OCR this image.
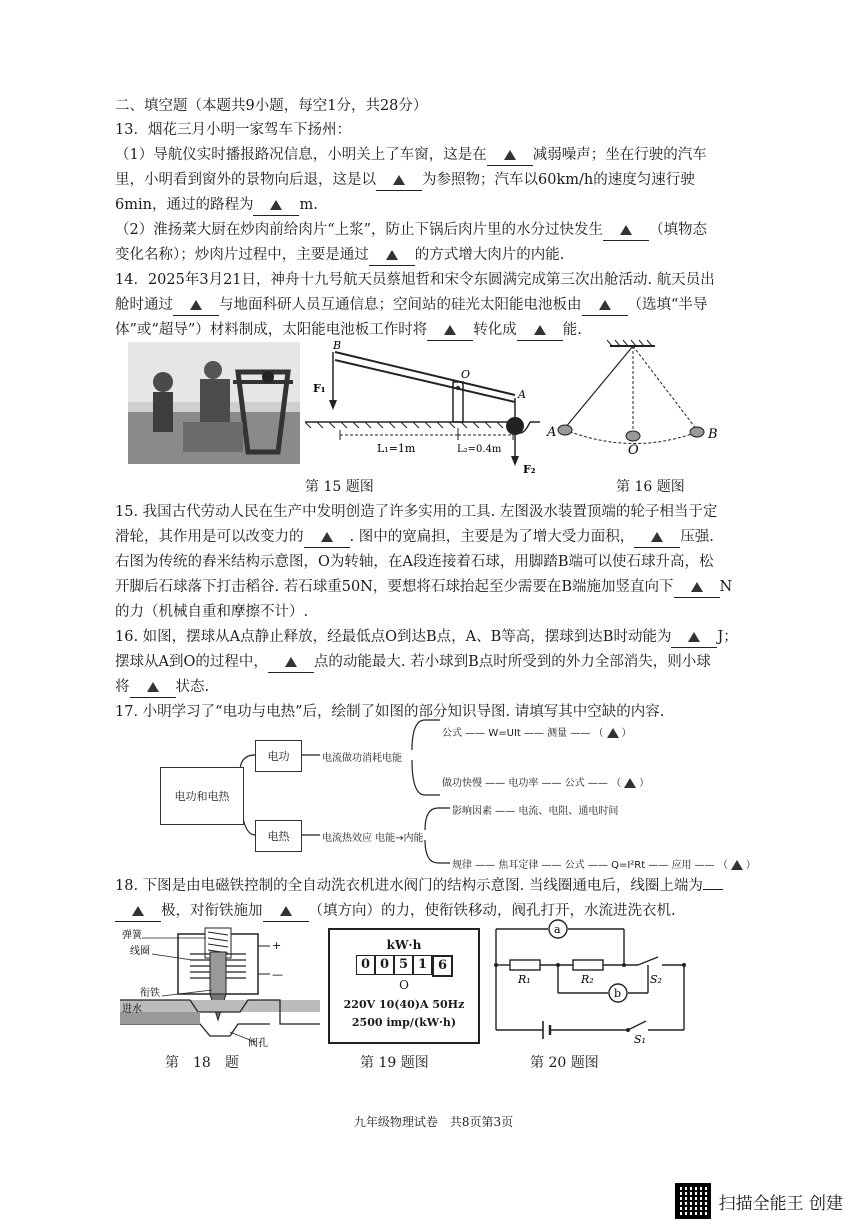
二、填空题（本题共9小题，每空1分，共28分）
13．烟花三月小明一家驾车下扬州：
（1）导航仪实时播报路况信息，小明关上了车窗，这是在	减弱噪声；坐在行驶的汽车
里，小明看到窗外的景物向后退，这是以	为参照物；汽车以60km/h的速度匀速行驶
6min，通过的路程为	m.
（2）淮扬菜大厨在炒肉前给肉片“上浆”，防止下锅后肉片里的水分过快发生	（填物态
变化名称）；炒肉片过程中，主要是通过	的方式增大肉片的内能.
14．2025年3月21日，神舟十九号航天员蔡旭哲和宋令东圆满完成第三次出舱活动. 航天员出
舱时通过	与地面科研人员互通信息；空间站的硅光太阳能电池板由	（选填“半导
体”或“超导”）材料制成，太阳能电池板工作时将	转化成	能.
B
O
A
F₁
F₂
L₁=1m	L₂=0.4m
A
O
B
第 15 题图	第 16 题图
15. 我国古代劳动人民在生产中发明创造了许多实用的工具. 左图汲水装置顶端的轮子相当于定
滑轮，其作用是可以改变力的	. 图中的宽扁担，主要是为了增大受力面积，	压强.
右图为传统的舂米结构示意图，O为转轴，在A段连接着石球，用脚踏B端可以使石球升高，松
开脚后石球落下打击稻谷. 若石球重50N，要想将石球抬起至少需要在B端施加竖直向下	N
的力（机械自重和摩擦不计）.
16. 如图，摆球从A点静止释放，经最低点O到达B点，A、B等高，摆球到达B时动能为	J；
摆球从A到O的过程中，	点的动能最大. 若小球到B点时所受到的外力全部消失，则小球
将	状态.
17. 小明学习了“电功与电热”后，绘制了如图的部分知识导图. 请填写其中空缺的内容.
电功和电热
电功
电热
电流做功消耗电能
电流热效应 电能→内能
公式 —— W=UIt —— 测量 —— （ ）
做功快慢 —— 电功率 —— 公式 —— （ ）
影响因素 —— 电流、电阻、通电时间
规律 —— 焦耳定律 —— 公式 —— Q=I²Rt —— 应用 —— （ ）
18. 下图是由电磁铁控制的全自动洗衣机进水阀门的结构示意图. 当线圈通电后，线圈上端为
极，对衔铁施加	（填方向）的力，使衔铁移动，阀孔打开，水流进洗衣机.
弹簧
线圈
衔铁
进水
阀孔
+
—
kW·h
0 0 5 1 6
O
220V 10(40)A 50Hz
2500 imp/(kW·h)
a
b
R₁	R₂	S₂
S₁
第　18　题	第 19 题图	第 20 题图
九年级物理试卷　共8页第3页
扫描全能王 创建
